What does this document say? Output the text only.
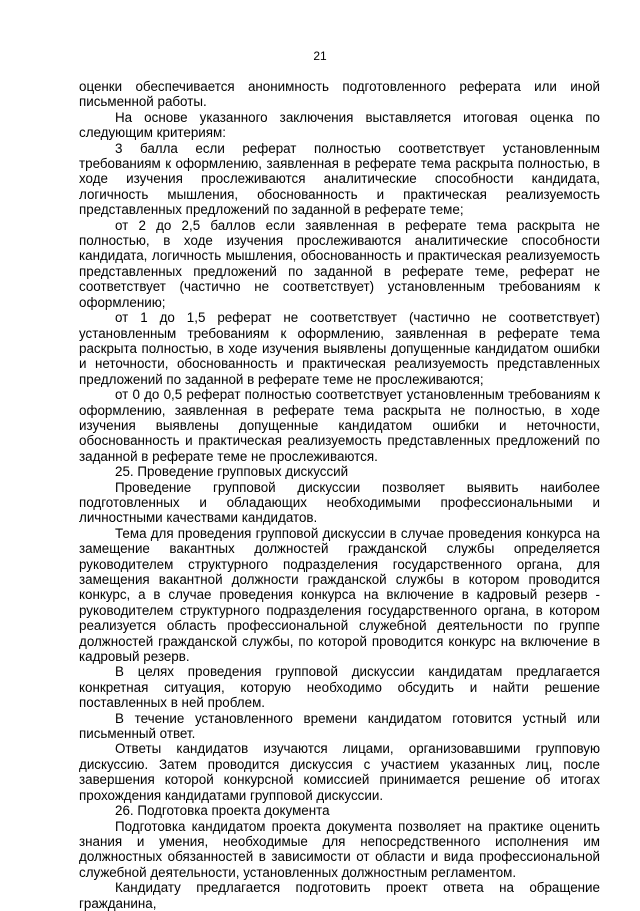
21

оценки обеспечивается анонимность подготовленного реферата или иной письменной работы.

На основе указанного заключения выставляется итоговая оценка по следующим критериям:

3 балла если реферат полностью соответствует установленным требованиям к оформлению, заявленная в реферате тема раскрыта полностью, в ходе изучения прослеживаются аналитические способности кандидата, логичность мышления, обоснованность и практическая реализуемость представленных предложений по заданной в реферате теме;

от 2 до 2,5 баллов если заявленная в реферате тема раскрыта не полностью, в ходе изучения прослеживаются аналитические способности кандидата, логичность мышления, обоснованность и практическая реализуемость представленных предложений по заданной в реферате теме, реферат не соответствует (частично не соответствует) установленным требованиям к оформлению;

от 1 до 1,5 реферат не соответствует (частично не соответствует) установленным требованиям к оформлению, заявленная в реферате тема раскрыта полностью, в ходе изучения выявлены допущенные кандидатом ошибки и неточности, обоснованность и практическая реализуемость представленных предложений по заданной в реферате теме не прослеживаются;

от 0 до 0,5 реферат полностью соответствует установленным требованиям к оформлению, заявленная в реферате тема раскрыта не полностью, в ходе изучения выявлены допущенные кандидатом ошибки и неточности, обоснованность и практическая реализуемость представленных предложений по заданной в реферате теме не прослеживаются.

25. Проведение групповых дискуссий

Проведение групповой дискуссии позволяет выявить наиболее подготовленных и обладающих необходимыми профессиональными и личностными качествами кандидатов.

Тема для проведения групповой дискуссии в случае проведения конкурса на замещение вакантных должностей гражданской службы определяется руководителем структурного подразделения государственного органа, для замещения вакантной должности гражданской службы в котором проводится конкурс, а в случае проведения конкурса на включение в кадровый резерв - руководителем структурного подразделения государственного органа, в котором реализуется область профессиональной служебной деятельности по группе должностей гражданской службы, по которой проводится конкурс на включение в кадровый резерв.

В целях проведения групповой дискуссии кандидатам предлагается конкретная ситуация, которую необходимо обсудить и найти решение поставленных в ней проблем.

В течение установленного времени кандидатом готовится устный или письменный ответ.

Ответы кандидатов изучаются лицами, организовавшими групповую дискуссию. Затем проводится дискуссия с участием указанных лиц, после завершения которой конкурсной комиссией принимается решение об итогах прохождения кандидатами групповой дискуссии.

26. Подготовка проекта документа

Подготовка кандидатом проекта документа позволяет на практике оценить знания и умения, необходимые для непосредственного исполнения им должностных обязанностей в зависимости от области и вида профессиональной служебной деятельности, установленных должностным регламентом.

Кандидату предлагается подготовить проект ответа на обращение гражданина,
